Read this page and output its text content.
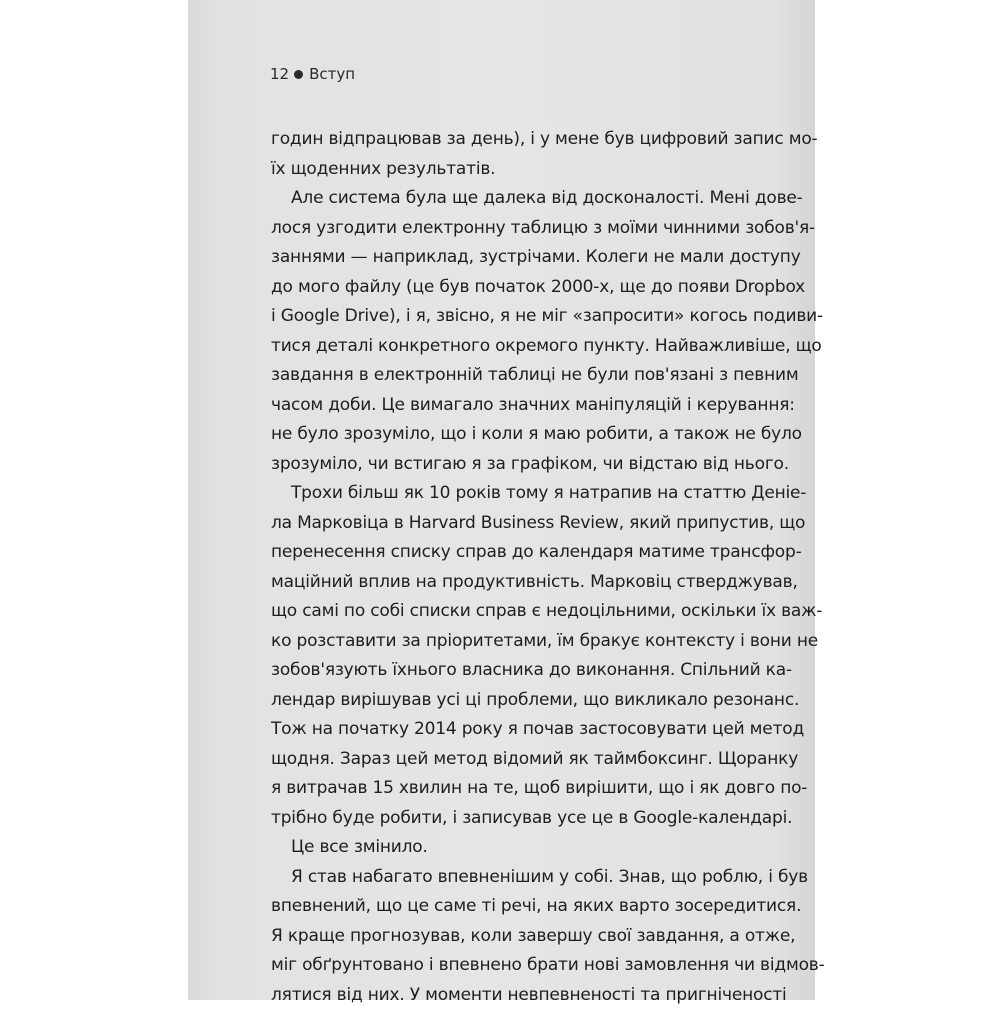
12 Вступ
годин відпрацював за день), і у мене був цифровий запис мо-
їх щоденних результатів.
Але система була ще далека від досконалості. Мені дове-
лося узгодити електронну таблицю з моїми чинними зобов'я-
заннями — наприклад, зустрічами. Колеги не мали доступу
до мого файлу (це був початок 2000-х, ще до появи Dropbox
і Google Drive), і я, звісно, я не міг «запросити» когось подиви-
тися деталі конкретного окремого пункту. Найважливіше, що
завдання в електронній таблиці не були пов'язані з певним
часом доби. Це вимагало значних маніпуляцій і керування:
не було зрозуміло, що і коли я маю робити, а також не було
зрозуміло, чи встигаю я за графіком, чи відстаю від нього.
Трохи більш як 10 років тому я натрапив на статтю Деніе-
ла Марковіца в Harvard Business Review, який припустив, що
перенесення списку справ до календаря матиме трансфор-
маційний вплив на продуктивність. Марковіц стверджував,
що самі по собі списки справ є недоцільними, оскільки їх важ-
ко розставити за пріоритетами, їм бракує контексту і вони не
зобов'язують їхнього власника до виконання. Спільний ка-
лендар вирішував усі ці проблеми, що викликало резонанс.
Тож на початку 2014 року я почав застосовувати цей метод
щодня. Зараз цей метод відомий як таймбоксинг. Щоранку
я витрачав 15 хвилин на те, щоб вирішити, що і як довго по-
трібно буде робити, і записував усе це в Google-календарі.
Це все змінило.
Я став набагато впевненішим у собі. Знав, що роблю, і був
впевнений, що це саме ті речі, на яких варто зосередитися.
Я краще прогнозував, коли завершу свої завдання, а отже,
міг обґрунтовано і впевнено брати нові замовлення чи відмов-
лятися від них. У моменти невпевненості та пригніченості
